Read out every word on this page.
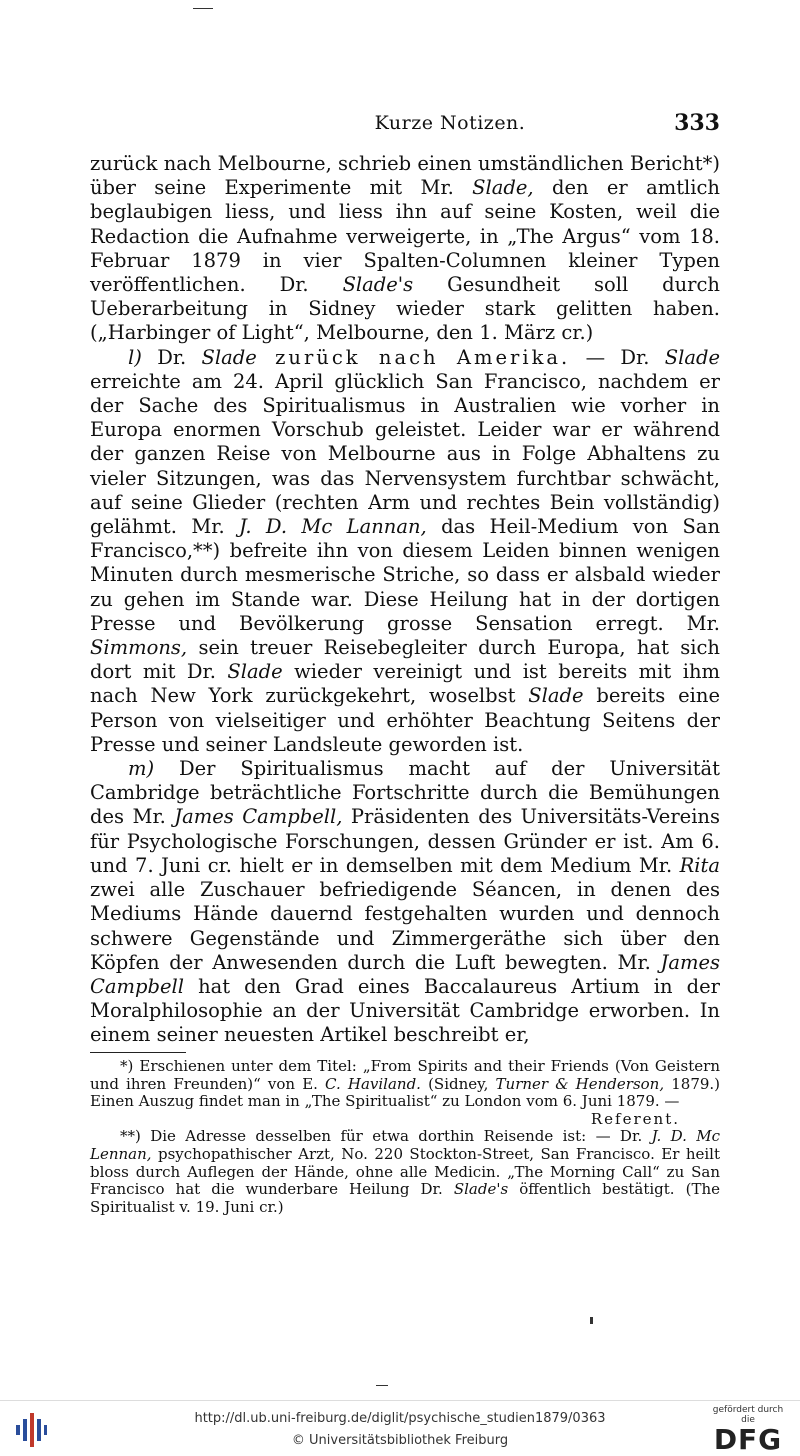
Kurze Notizen.	333

zurück nach Melbourne, schrieb einen umständlichen Bericht*) über seine Experimente mit Mr. Slade, den er amtlich beglaubigen liess, und liess ihn auf seine Kosten, weil die Redaction die Aufnahme verweigerte, in „The Argus“ vom 18. Februar 1879 in vier Spalten-Columnen kleiner Typen veröffentlichen. Dr. Slade's Gesundheit soll durch Ueberarbeitung in Sidney wieder stark gelitten haben. („Harbinger of Light“, Melbourne, den 1. März cr.)

l) Dr. Slade zurück nach Amerika. — Dr. Slade erreichte am 24. April glücklich San Francisco, nachdem er der Sache des Spiritualismus in Australien wie vorher in Europa enormen Vorschub geleistet. Leider war er während der ganzen Reise von Melbourne aus in Folge Abhaltens zu vieler Sitzungen, was das Nervensystem furchtbar schwächt, auf seine Glieder (rechten Arm und rechtes Bein vollständig) gelähmt. Mr. J. D. Mc Lannan, das Heil-Medium von San Francisco,**) befreite ihn von diesem Leiden binnen wenigen Minuten durch mesmerische Striche, so dass er alsbald wieder zu gehen im Stande war. Diese Heilung hat in der dortigen Presse und Bevölkerung grosse Sensation erregt. Mr. Simmons, sein treuer Reisebegleiter durch Europa, hat sich dort mit Dr. Slade wieder vereinigt und ist bereits mit ihm nach New York zurückgekehrt, woselbst Slade bereits eine Person von vielseitiger und erhöhter Beachtung Seitens der Presse und seiner Landsleute geworden ist.

m) Der Spiritualismus macht auf der Universität Cambridge beträchtliche Fortschritte durch die Bemühungen des Mr. James Campbell, Präsidenten des Universitäts-Vereins für Psychologische Forschungen, dessen Gründer er ist. Am 6. und 7. Juni cr. hielt er in demselben mit dem Medium Mr. Rita zwei alle Zuschauer befriedigende Séancen, in denen des Mediums Hände dauernd festgehalten wurden und dennoch schwere Gegenstände und Zimmergeräthe sich über den Köpfen der Anwesenden durch die Luft bewegten. Mr. James Campbell hat den Grad eines Baccalaureus Artium in der Moralphilosophie an der Universität Cambridge erworben. In einem seiner neuesten Artikel beschreibt er,

*) Erschienen unter dem Titel: „From Spirits and their Friends (Von Geistern und ihren Freunden)“ von E. C. Haviland. (Sidney, Turner & Henderson, 1879.) Einen Auszug findet man in „The Spiritualist“ zu London vom 6. Juni 1879. —

Referent.

**) Die Adresse desselben für etwa dorthin Reisende ist: — Dr. J. D. Mc Lennan, psychopathischer Arzt, No. 220 Stockton-Street, San Francisco. Er heilt bloss durch Auflegen der Hände, ohne alle Medicin. „The Morning Call“ zu San Francisco hat die wunderbare Heilung Dr. Slade's öffentlich bestätigt. (The Spiritualist v. 19. Juni cr.)

http://dl.ub.uni-freiburg.de/diglit/psychische_studien1879/0363
© Universitätsbibliothek Freiburg
gefördert durch die
DFG
